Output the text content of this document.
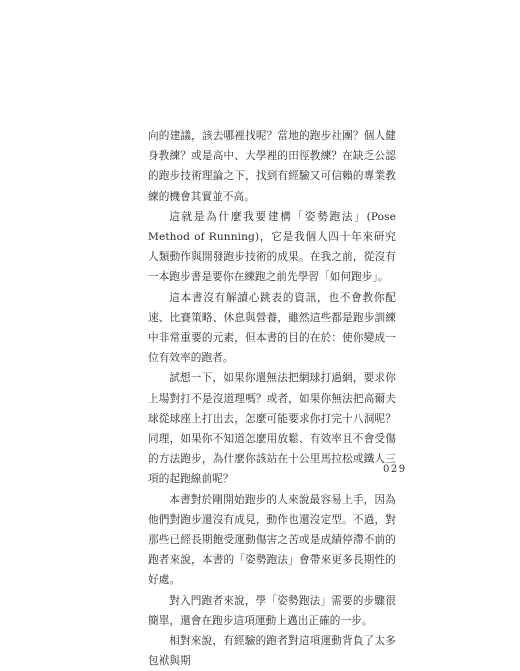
向的建議，該去哪裡找呢？當地的跑步社團？個人健身教練？或是高中、大學裡的田徑教練？在缺乏公認的跑步技術理論之下，找到有經驗又可信賴的專業教練的機會其實並不高。

這就是為什麼我要建構「姿勢跑法」(Pose Method of Running)，它是我個人四十年來研究人類動作與開發跑步技術的成果。在我之前，從沒有一本跑步書是要你在練跑之前先學習「如何跑步」。

這本書沒有解讀心跳表的資訊，也不會教你配速、比賽策略、休息與營養，雖然這些都是跑步訓練中非常重要的元素，但本書的目的在於：使你變成一位有效率的跑者。

試想一下，如果你還無法把網球打過網，要求你上場對打不是沒道理嗎？或者，如果你無法把高爾夫球從球座上打出去，怎麼可能要求你打完十八洞呢？同理，如果你不知道怎麼用放鬆、有效率且不會受傷的方法跑步，為什麼你該站在十公里馬拉松或鐵人三項的起跑線前呢？

本書對於剛開始跑步的人來說最容易上手，因為他們對跑步還沒有成見，動作也還沒定型。不過，對那些已經長期飽受運動傷害之苦或是成績停滯不前的跑者來說，本書的「姿勢跑法」會帶來更多長期性的好處。

對入門跑者來說，學「姿勢跑法」需要的步驟很簡單，還會在跑步這項運動上邁出正確的一步。

相對來說，有經驗的跑者對這項運動背負了太多包袱與期

029
